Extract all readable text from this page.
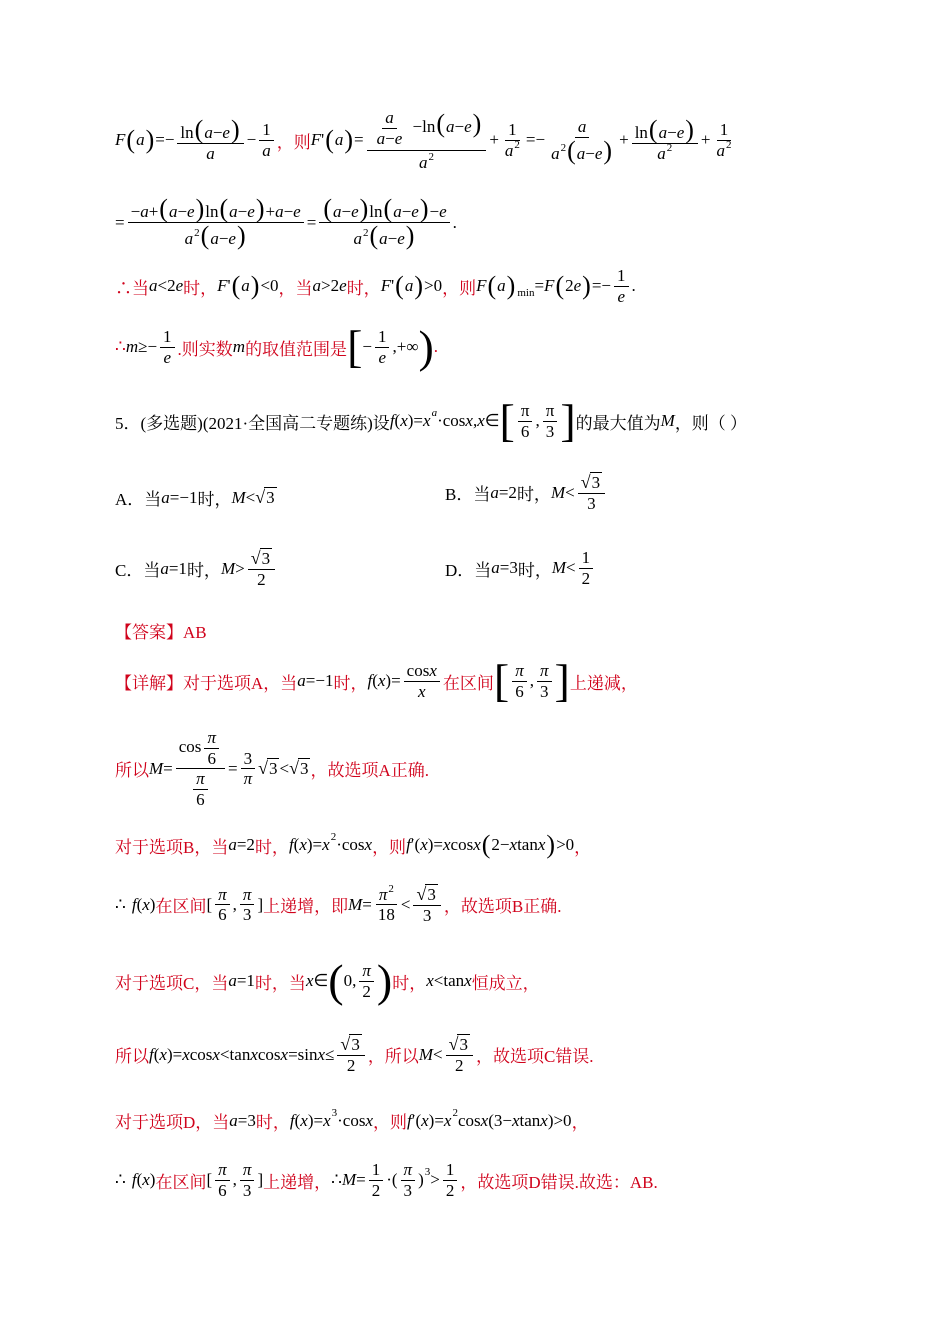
F ( a ) =− $\frac{\ln(a-e)}{a} - \frac{1}{a}$ ，则 F ' ( a ) = $\frac{\frac{a}{a-e} -\ln(a-e)}{a^2} + \frac{1}{a^2} =- \frac{a}{a^2(a-e)} + \frac{\ln(a-e)}{a^2} + \frac{1}{a^2}$
= $\frac{-a+(a-e)\ln(a-e)+a-e}{a^2(a-e)} = \frac{(a-e)\ln(a-e)-e}{a^2(a-e)}$ .
∴当 a <2 e 时， F ' ( a ) <0 ，当 a >2 e 时， F ' ( a ) >0 ，则 F ( a ) min = F ( 2 e ) =− $\frac{1}{e}$ .
∴ $m \ge- \frac{1}{e}$ .则实数 m 的取值范围是 [ − $\frac{1}{e}$ ,+∞ ) .
5．(多选题)(2021·全国高二专题练)设 f ( x )= x a ·cos x , x ∈ [ $\frac{\pi}{6}$ , $\frac{\pi}{3}$ ] 的最大值为 M ，则（ ）
A．当 a =−1 时， M < √ 3	B．当 a =2 时， $M < \frac{√ 3}{3}$
C．当 a =1 时， $M > \frac{√ 3}{2}$	D．当 a =3 时， $M < \frac{1}{2}$
【答案】AB
【详解】 对于选项A，当 a =−1 时， f ( x )= $\frac{\cos x}{x}$ 在区间 [ $\frac{\pi}{6}$ , $\frac{\pi}{3}$ ] 上递减，
所以 $M = \frac{\cos \frac{\pi}{6}}{\frac{\pi}{6}} = \frac{3}{\pi}$ √ 3 < √ 3 ，故选项A正确.
对于选项B，当 a =2 时， f ( x )= x 2 ·cos x ，则 f ′( x )= x cos x ( 2− x tan x ) >0 ，
∴ f ( x ) 在区间 [ $\frac{\pi}{6}$ , $\frac{\pi}{3}$ ] 上递增，即 $M = \frac{\pi^2}{18} < \frac{√ 3}{3}$ ，故选项B正确.
对于选项C，当 a =1 时，当 x ∈ ( 0, $\frac{\pi}{2}$ ) 时， x <tan x 恒成立，
所以 f ( x )= x cos x <tan x cos x =sin $x \le \frac{√ 3}{2}$ ，所以 $M < \frac{√ 3}{2}$ ，故选项C错误.
对于选项D，当 a =3 时， f ( x )= x 3 ·cos x ，则 f ′( x )= x 2 cos x (3− x tan x )>0 ，
∴ f ( x ) 在区间 [ $\frac{\pi}{6}$ , $\frac{\pi}{3}$ ] 上递增， ∴ $M = \frac{1}{2}$ ·( $\frac{\pi}{3}$ ) $3 > \frac{1}{2}$ ，故选项D错误.故选：AB.
